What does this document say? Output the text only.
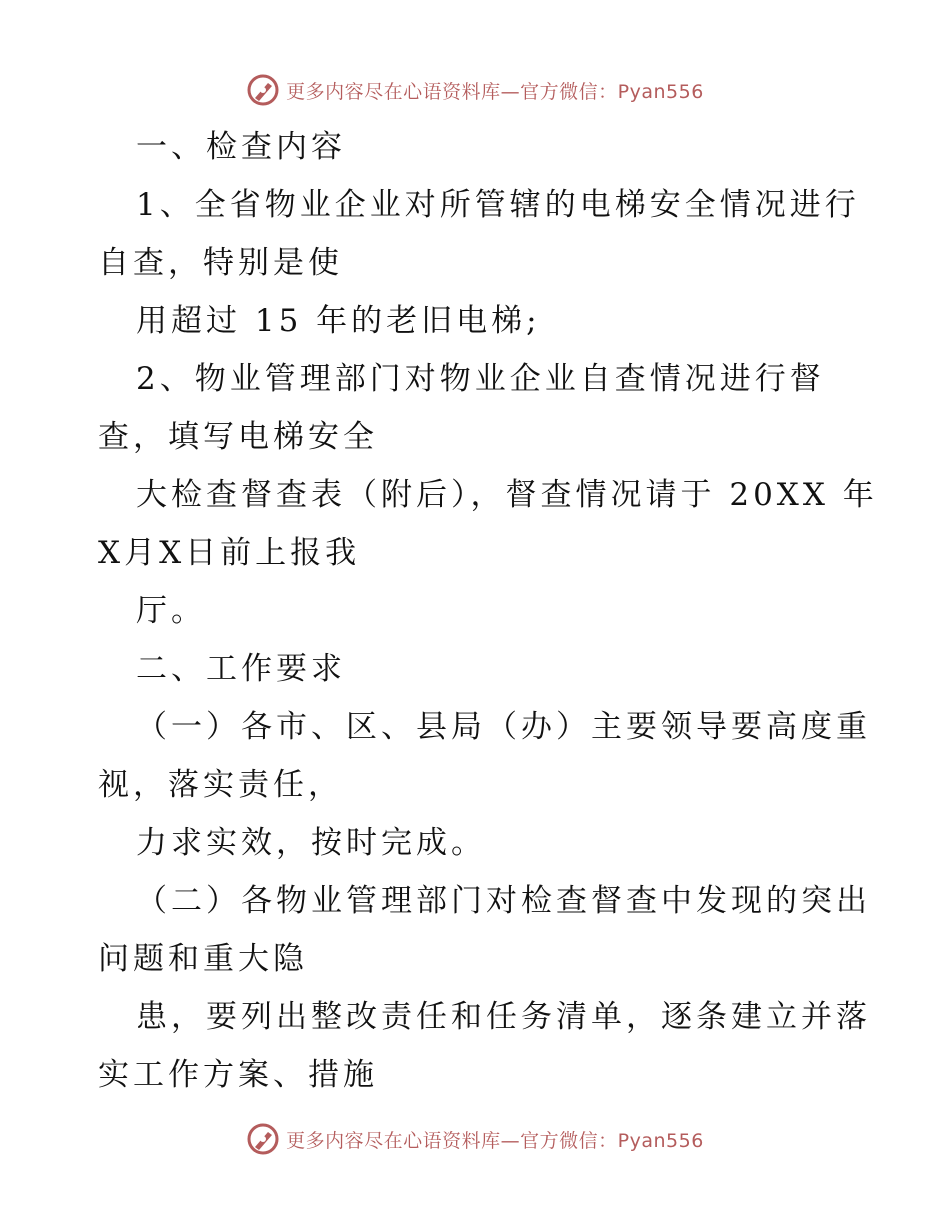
更多内容尽在心语资料库—官方微信：Pyan556
一、检查内容
1、全省物业企业对所管辖的电梯安全情况进行
自查，特别是使
用超过 15 年的老旧电梯;
2、物业管理部门对物业企业自查情况进行督
查，填写电梯安全
大检查督查表（附后），督查情况请于 20XX 年
X月X日前上报我
厅。
二、工作要求
（一）各市、区、县局（办）主要领导要高度重
视，落实责任，
力求实效，按时完成。
（二）各物业管理部门对检查督查中发现的突出
问题和重大隐
患，要列出整改责任和任务清单，逐条建立并落
实工作方案、措施
更多内容尽在心语资料库—官方微信：Pyan556
